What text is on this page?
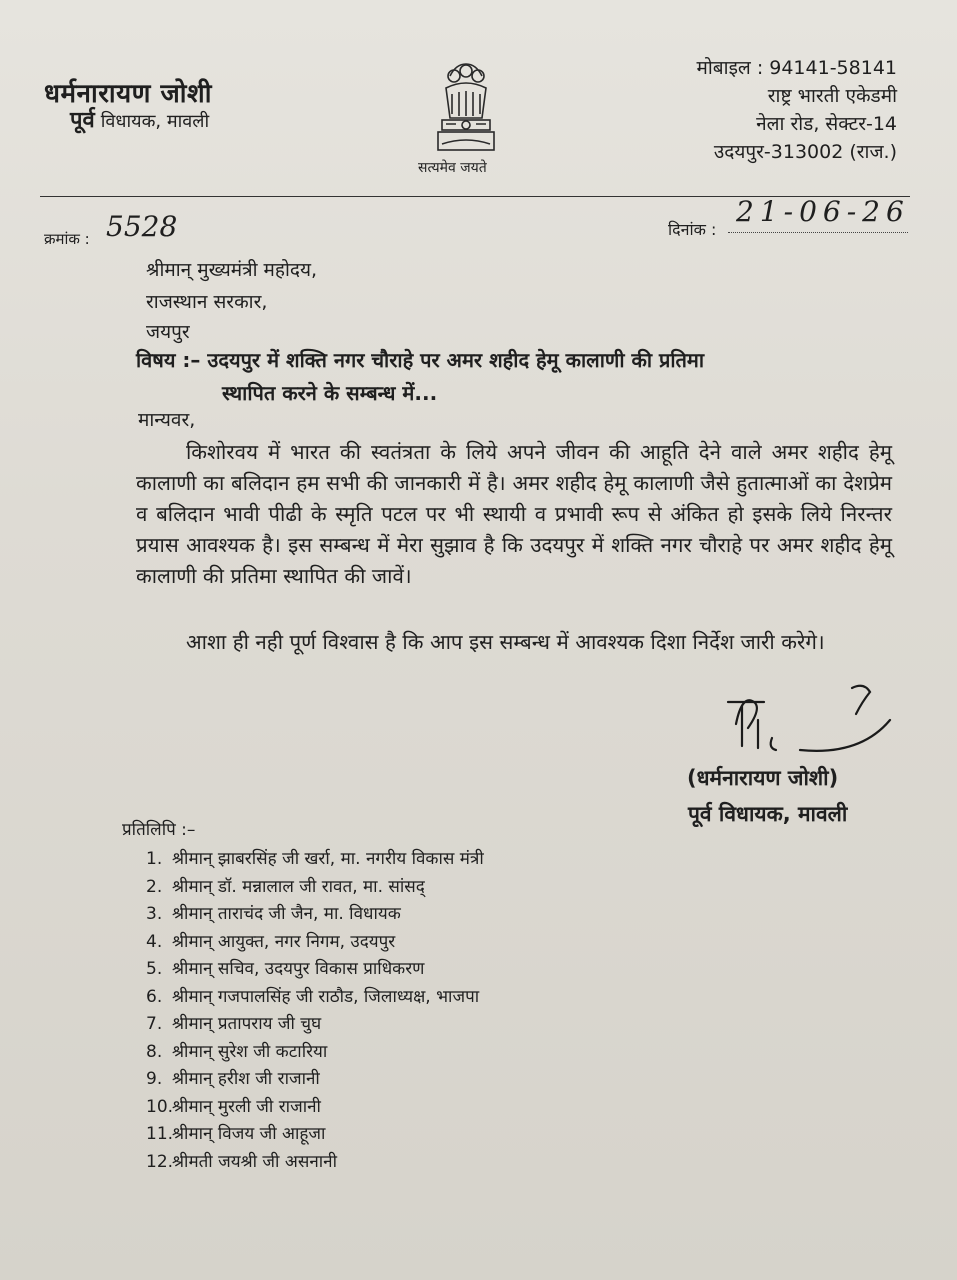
धर्मनारायण जोशी
पूर्व विधायक, मावली
सत्यमेव जयते
मोबाइल : 94141-58141
राष्ट्र भारती एकेडमी
नेला रोड, सेक्टर-14
उदयपुर-313002 (राज.)
क्रमांक : 5528	दिनांक :
21-06-26
श्रीमान् मुख्यमंत्री महोदय,
राजस्थान सरकार,
जयपुर
विषय :– उदयपुर में शक्ति नगर चौराहे पर अमर शहीद हेमू कालाणी की प्रतिमा
स्थापित करने के सम्बन्ध में...
मान्यवर,
किशोरवय में भारत की स्वतंत्रता के लिये अपने जीवन की आहूति देने वाले अमर शहीद हेमू कालाणी का बलिदान हम सभी की जानकारी में है। अमर शहीद हेमू कालाणी जैसे हुतात्माओं का देशप्रेम व बलिदान भावी पीढी के स्मृति पटल पर भी स्थायी व प्रभावी रूप से अंकित हो इसके लिये निरन्तर प्रयास आवश्यक है। इस सम्बन्ध में मेरा सुझाव है कि उदयपुर में शक्ति नगर चौराहे पर अमर शहीद हेमू कालाणी की प्रतिमा स्थापित की जावें।
आशा ही नही पूर्ण विश्वास है कि आप इस सम्बन्ध में आवश्यक दिशा निर्देश जारी करेगे।
(धर्मनारायण जोशी)
पूर्व विधायक, मावली
प्रतिलिपि :–
1. श्रीमान् झाबरसिंह जी खर्रा, मा. नगरीय विकास मंत्री
2. श्रीमान् डॉ. मन्नालाल जी रावत, मा. सांसद्
3. श्रीमान् ताराचंद जी जैन, मा. विधायक
4. श्रीमान् आयुक्त, नगर निगम, उदयपुर
5. श्रीमान् सचिव, उदयपुर विकास प्राधिकरण
6. श्रीमान् गजपालसिंह जी राठौड, जिलाध्यक्ष, भाजपा
7. श्रीमान् प्रतापराय जी चुघ
8. श्रीमान् सुरेश जी कटारिया
9. श्रीमान् हरीश जी राजानी
10.
श्रीमान् मुरली जी राजानी
11.
श्रीमान् विजय जी आहूजा
12.
श्रीमती जयश्री जी असनानी
